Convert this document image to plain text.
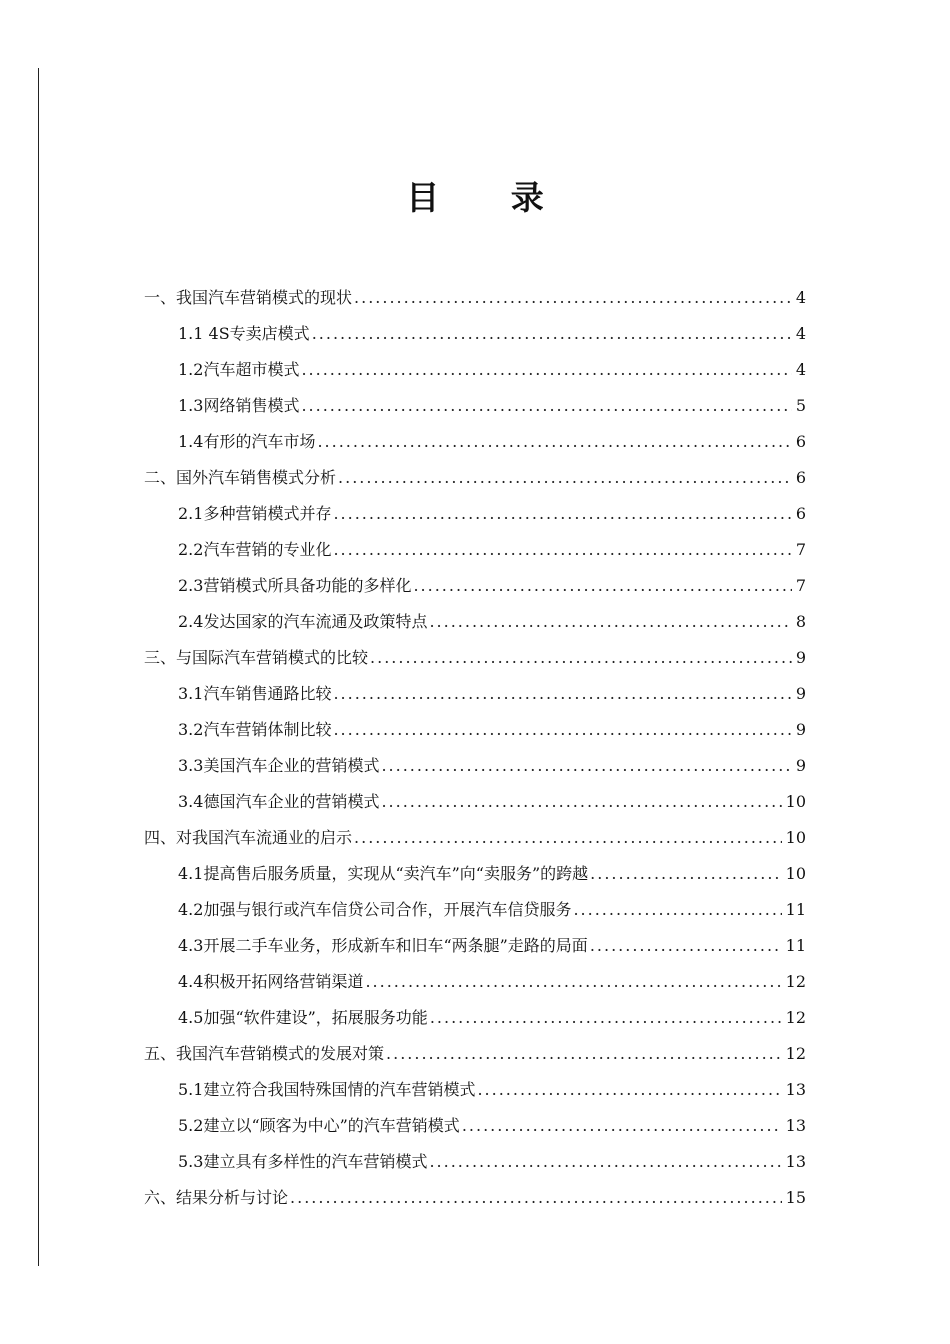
目 录
一、我国汽车营销模式的现状 .....	4
1.1 4S专卖店模式 .....	4
1.2汽车超市模式 .....	4
1.3网络销售模式 .....	5
1.4有形的汽车市场 .....	6
二、国外汽车销售模式分析 .....	6
2.1多种营销模式并存 .....	6
2.2汽车营销的专业化 .....	7
2.3营销模式所具备功能的多样化 .....	7
2.4发达国家的汽车流通及政策特点 .....	8
三、与国际汽车营销模式的比较 .....	9
3.1汽车销售通路比较 .....	9
3.2汽车营销体制比较 .....	9
3.3美国汽车企业的营销模式 .....	9
3.4德国汽车企业的营销模式 .....	10
四、对我国汽车流通业的启示 .....	10
4.1提高售后服务质量，实现从“卖汽车”向“卖服务”的跨越 .....	10
4.2加强与银行或汽车信贷公司合作，开展汽车信贷服务 .....	11
4.3开展二手车业务，形成新车和旧车“两条腿”走路的局面 .....	11
4.4积极开拓网络营销渠道 .....	12
4.5加强“软件建设”，拓展服务功能 .....	12
五、我国汽车营销模式的发展对策 .....	12
5.1建立符合我国特殊国情的汽车营销模式 .....	13
5.2建立以“顾客为中心”的汽车营销模式 .....	13
5.3建立具有多样性的汽车营销模式 .....	13
六、结果分析与讨论 .....	15
